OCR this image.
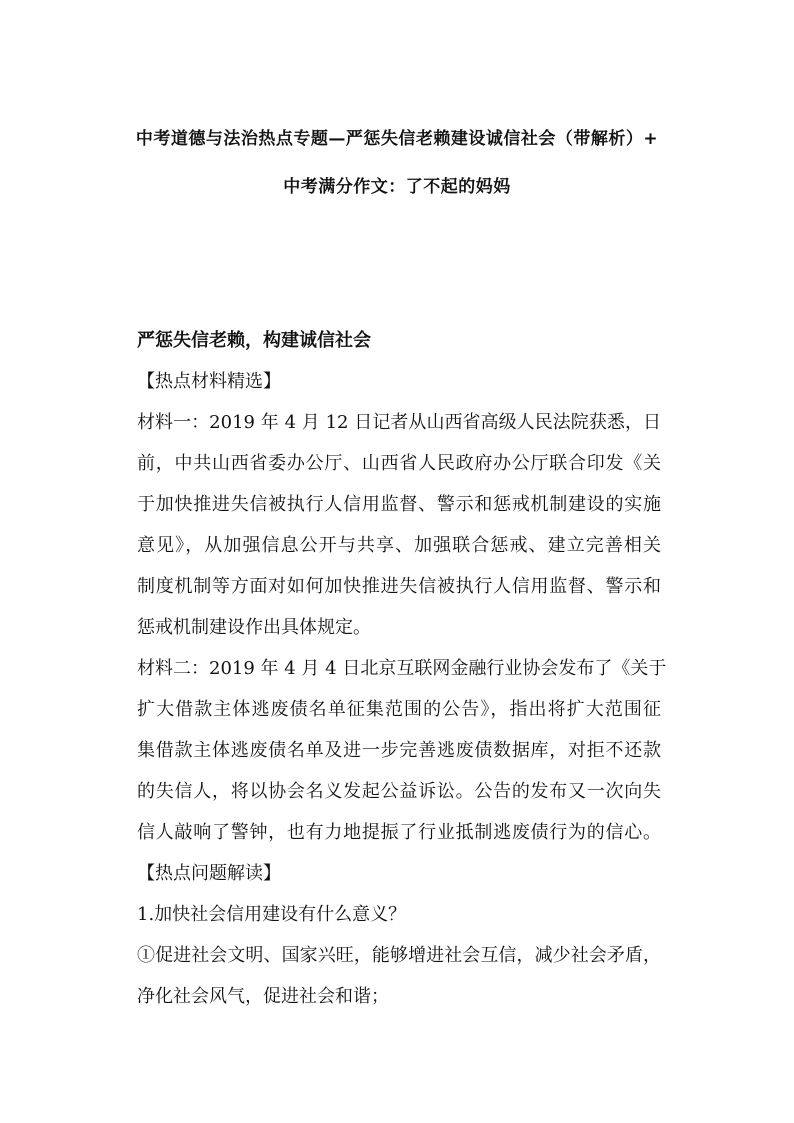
中考道德与法治热点专题—严惩失信老赖建设诚信社会（带解析）+
中考满分作文：了不起的妈妈
严惩失信老赖，构建诚信社会
【热点材料精选】
材料一：2019 年 4 月 12 日记者从山西省高级人民法院获悉，日
前，中共山西省委办公厅、山西省人民政府办公厅联合印发《关
于加快推进失信被执行人信用监督、警示和惩戒机制建设的实施
意见》，从加强信息公开与共享、加强联合惩戒、建立完善相关
制度机制等方面对如何加快推进失信被执行人信用监督、警示和
惩戒机制建设作出具体规定。
材料二：2019 年 4 月 4 日北京互联网金融行业协会发布了《关于
扩大借款主体逃废债名单征集范围的公告》，指出将扩大范围征
集借款主体逃废债名单及进一步完善逃废债数据库，对拒不还款
的失信人，将以协会名义发起公益诉讼。公告的发布又一次向失
信人敲响了警钟，也有力地提振了行业抵制逃废债行为的信心。
【热点问题解读】
1.加快社会信用建设有什么意义？
①促进社会文明、国家兴旺，能够增进社会互信，减少社会矛盾，
净化社会风气，促进社会和谐；
